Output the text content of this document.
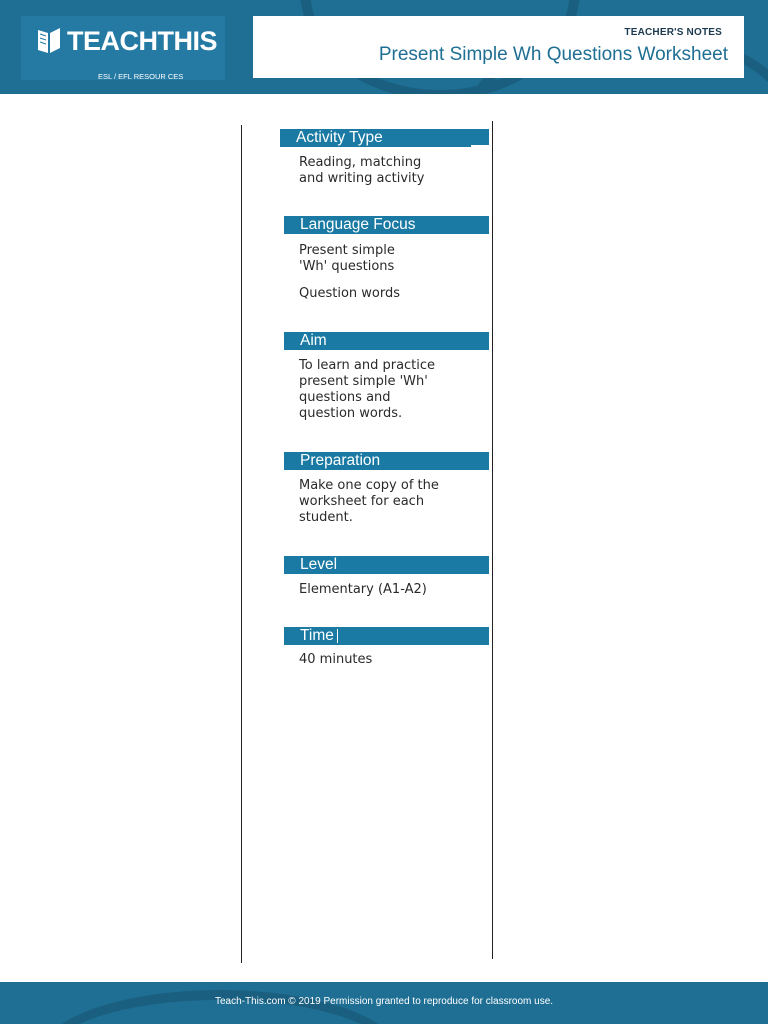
TEACHTHIS
ESL / EFL RESOUR CES
TEACHER'S NOTES
Present Simple Wh Questions Worksheet
Activity Type

Reading, matching

and writing activity

Language Focus

Present simple

'Wh' questions

Question words

Aim

To learn and practice

present simple 'Wh'

questions and

question words.

Preparation

Make one copy of the

worksheet for each

student.

Level

Elementary (A1-A2)

Time

40 minutes

Teach-This.com © 2019 Permission granted to reproduce for classroom use.
